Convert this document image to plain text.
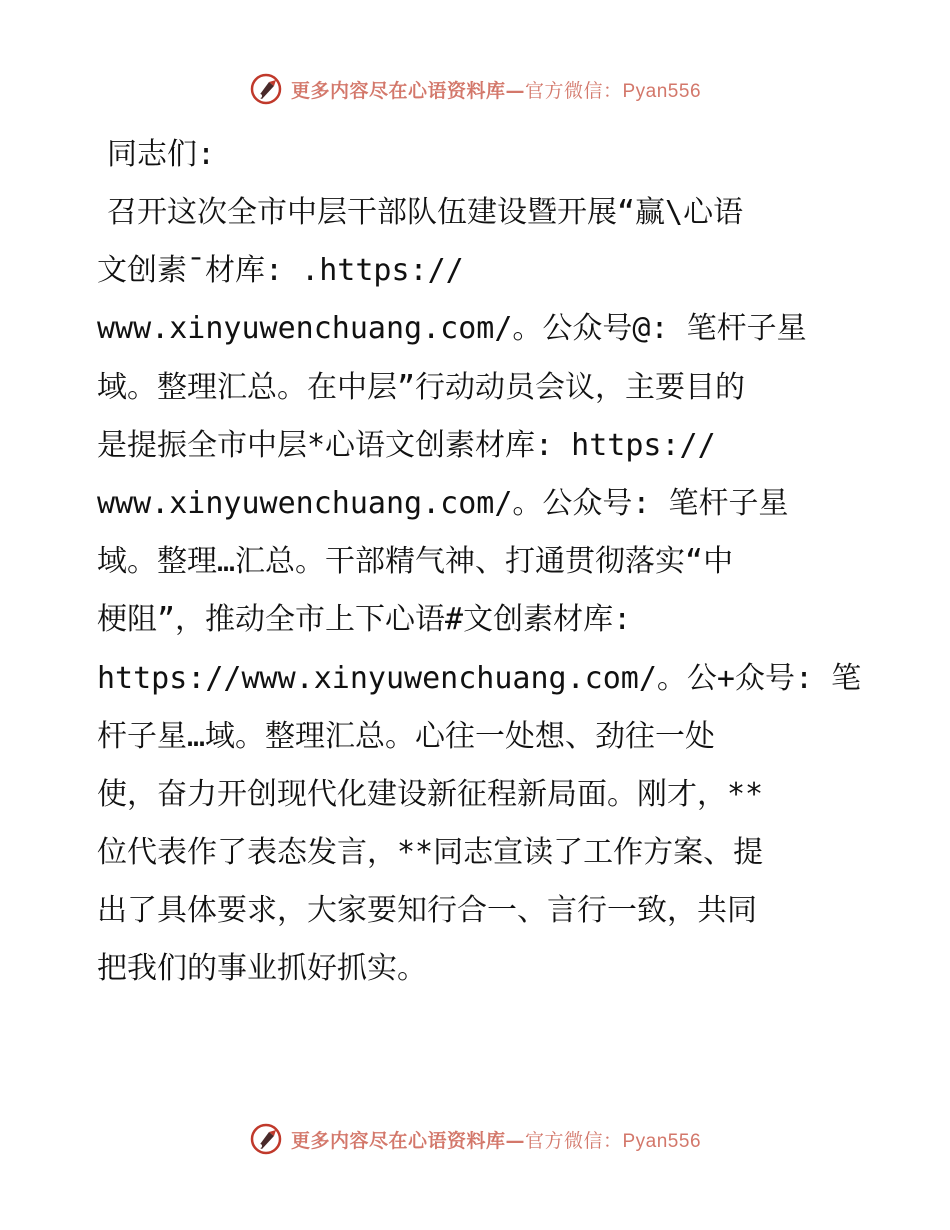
更多内容尽在心语资料库—官方微信：Pyan556
同志们:
召开这次全市中层干部队伍建设暨开展“赢\心语
文创素¯材库: .https://
www.xinyuwenchuang.com/。公众号@: 笔杆子星
域。整理汇总。在中层”行动动员会议，主要目的
是提振全市中层*心语文创素材库: https://
www.xinyuwenchuang.com/。公众号: 笔杆子星
域。整理…汇总。干部精气神、打通贯彻落实“中
梗阻”，推动全市上下心语#文创素材库:
https://www.xinyuwenchuang.com/。公+众号: 笔
杆子星…域。整理汇总。心往一处想、劲往一处
使，奋力开创现代化建设新征程新局面。刚才，**
位代表作了表态发言，**同志宣读了工作方案、提
出了具体要求，大家要知行合一、言行一致，共同
把我们的事业抓好抓实。
更多内容尽在心语资料库—官方微信：Pyan556
